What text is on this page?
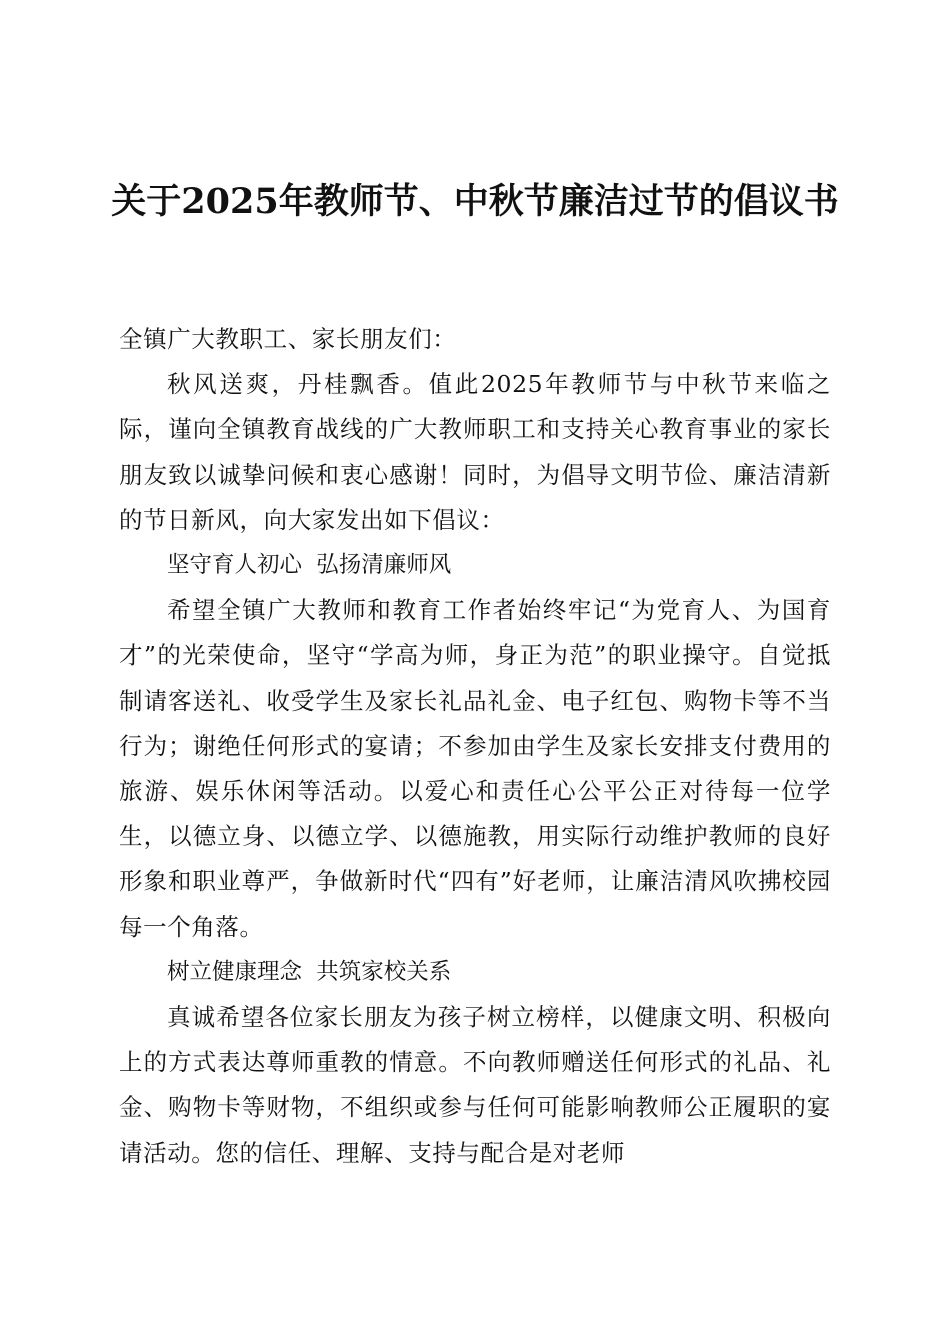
关于2025年教师节、中秋节廉洁过节的倡议书

全镇广大教职工、家长朋友们：

秋风送爽，丹桂飘香。值此2025年教师节与中秋节来临之际，谨向全镇教育战线的广大教师职工和支持关心教育事业的家长朋友致以诚挚问候和衷心感谢！同时，为倡导文明节俭、廉洁清新的节日新风，向大家发出如下倡议：

坚守育人初心  弘扬清廉师风

希望全镇广大教师和教育工作者始终牢记“为党育人、为国育才”的光荣使命，坚守“学高为师，身正为范”的职业操守。自觉抵制请客送礼、收受学生及家长礼品礼金、电子红包、购物卡等不当行为；谢绝任何形式的宴请；不参加由学生及家长安排支付费用的旅游、娱乐休闲等活动。以爱心和责任心公平公正对待每一位学生，以德立身、以德立学、以德施教，用实际行动维护教师的良好形象和职业尊严，争做新时代“四有”好老师，让廉洁清风吹拂校园每一个角落。

树立健康理念  共筑家校关系

真诚希望各位家长朋友为孩子树立榜样，以健康文明、积极向上的方式表达尊师重教的情意。不向教师赠送任何形式的礼品、礼金、购物卡等财物，不组织或参与任何可能影响教师公正履职的宴请活动。您的信任、理解、支持与配合是对老师
